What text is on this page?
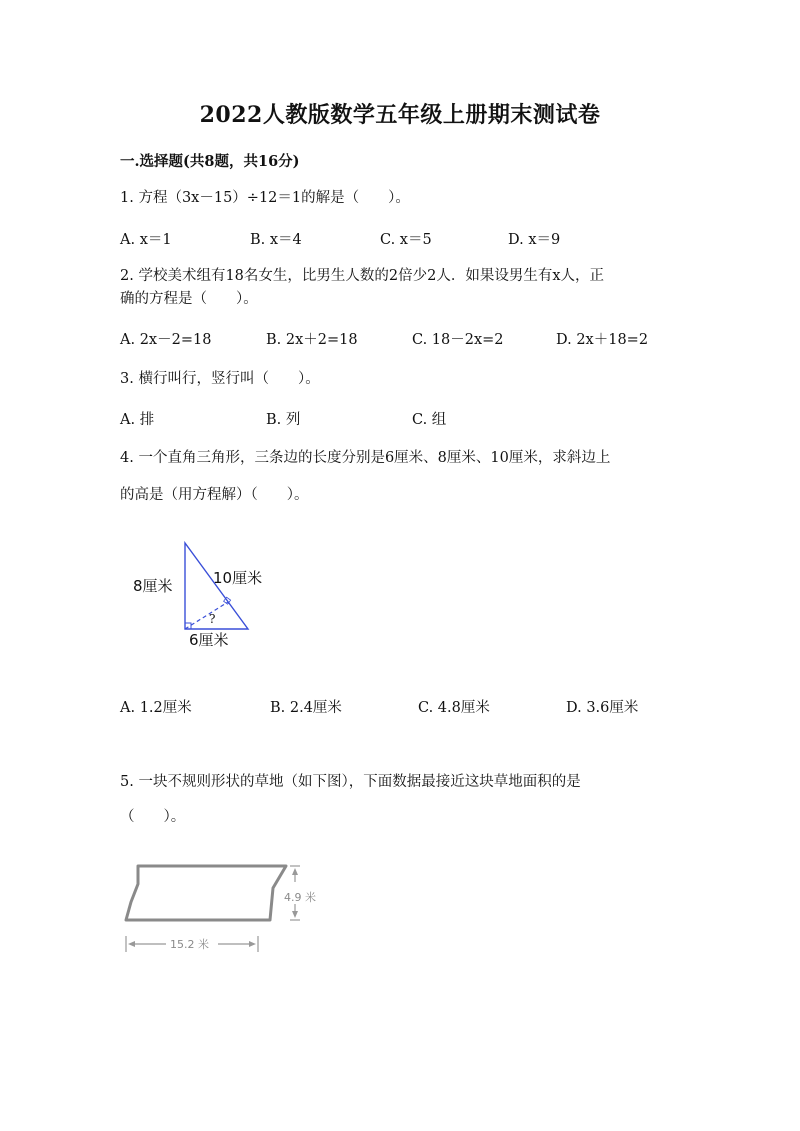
2022人教版数学五年级上册期末测试卷
一.选择题(共8题，共16分)
1. 方程（3x－15）÷12＝1的解是（　　）。
A. x＝1	B. x＝4	C. x＝5	D. x＝9
2. 学校美术组有18名女生，比男生人数的2倍少2人．如果设男生有x人，正
确的方程是（　　）。
A. 2x－2=18	B. 2x＋2=18	C. 18－2x=2	D. 2x＋18=2
3. 横行叫行，竖行叫（　　）。
A. 排	B. 列	C. 组
4. 一个直角三角形，三条边的长度分别是6厘米、8厘米、10厘米，求斜边上
的高是（用方程解）（　　）。
8厘米	10厘米
6厘米
?
A. 1.2厘米	B. 2.4厘米	C. 4.8厘米	D. 3.6厘米
5. 一块不规则形状的草地（如下图），下面数据最接近这块草地面积的是
（　　）。
4.9 米
15.2 米
